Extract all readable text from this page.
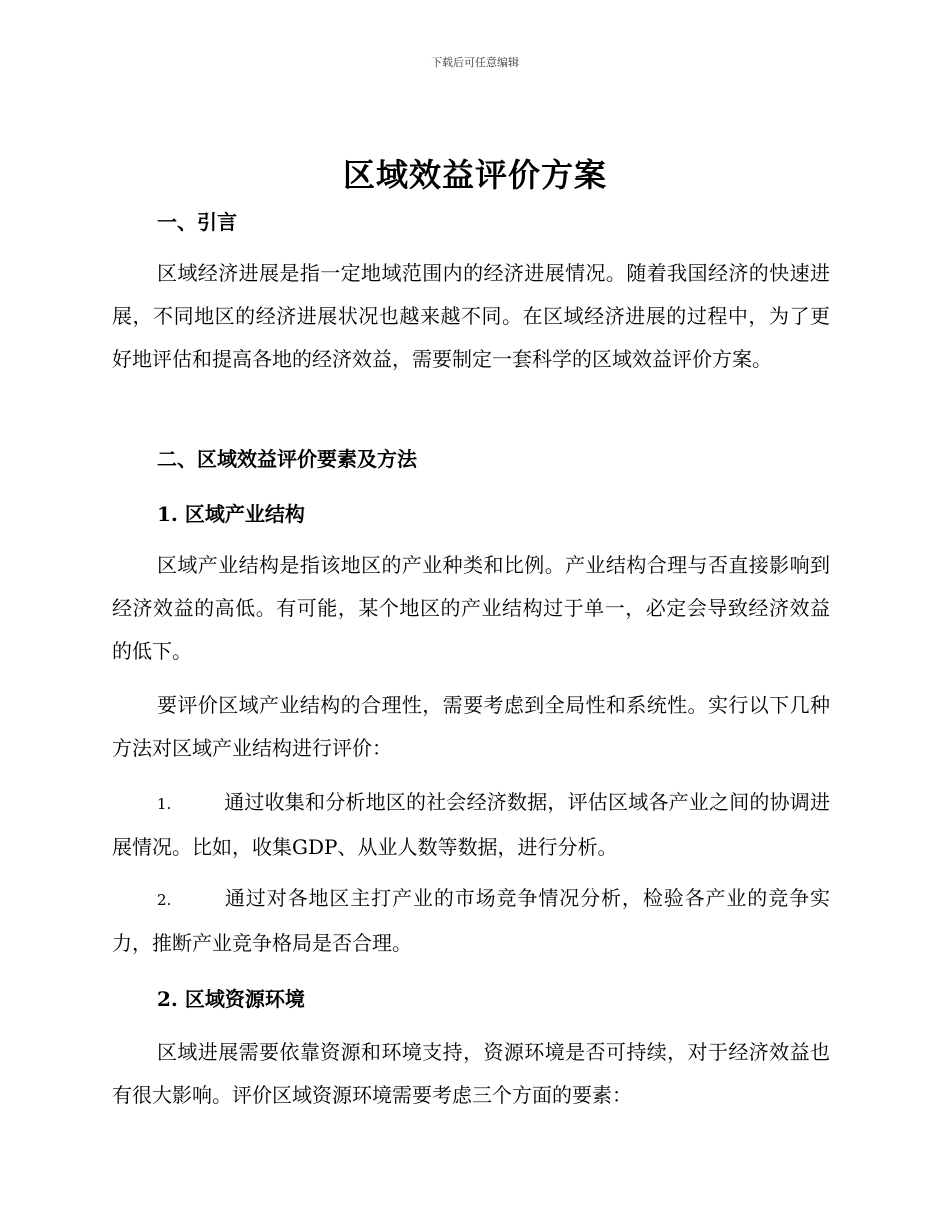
下载后可任意编辑
区域效益评价方案
一、引言
区域经济进展是指一定地域范围内的经济进展情况。随着我国经济的快速进展，不同地区的经济进展状况也越来越不同。在区域经济进展的过程中，为了更好地评估和提高各地的经济效益，需要制定一套科学的区域效益评价方案。
二、区域效益评价要素及方法
1. 区域产业结构
区域产业结构是指该地区的产业种类和比例。产业结构合理与否直接影响到经济效益的高低。有可能，某个地区的产业结构过于单一，必定会导致经济效益的低下。
要评价区域产业结构的合理性，需要考虑到全局性和系统性。实行以下几种方法对区域产业结构进行评价：
1.	通过收集和分析地区的社会经济数据，评估区域各产业之间的协调进展情况。比如，收集GDP、从业人数等数据，进行分析。
2.	通过对各地区主打产业的市场竞争情况分析，检验各产业的竞争实力，推断产业竞争格局是否合理。
2. 区域资源环境
区域进展需要依靠资源和环境支持，资源环境是否可持续，对于经济效益也有很大影响。评价区域资源环境需要考虑三个方面的要素：
